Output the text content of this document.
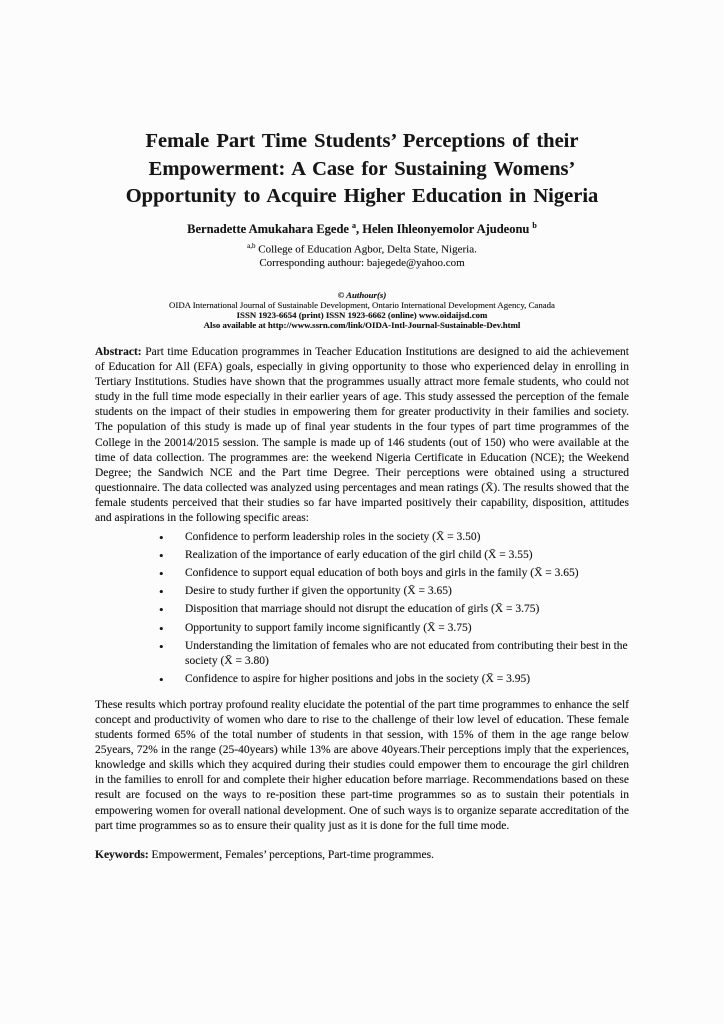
Female Part Time Students’ Perceptions of their
Empowerment: A Case for Sustaining Womens’
Opportunity to Acquire Higher Education in Nigeria
Bernadette Amukahara Egede $^a$, Helen Ihleonyemolor Ajudeonu $^b$
$^{a,b}$ College of Education Agbor, Delta State, Nigeria.
Corresponding authour: bajegede@yahoo.com
© Authour(s)
OIDA International Journal of Sustainable Development, Ontario International Development Agency, Canada
ISSN 1923-6654 (print) ISSN 1923-6662 (online) www.oidaijsd.com
Also available at http://www.ssrn.com/link/OIDA-Intl-Journal-Sustainable-Dev.html

Abstract: Part time Education programmes in Teacher Education Institutions are designed to aid the achievement of Education for All (EFA) goals, especially in giving opportunity to those who experienced delay in enrolling in Tertiary Institutions. Studies have shown that the programmes usually attract more female students, who could not study in the full time mode especially in their earlier years of age. This study assessed the perception of the female students on the impact of their studies in empowering them for greater productivity in their families and society. The population of this study is made up of final year students in the four types of part time programmes of the College in the 20014/2015 session. The sample is made up of 146 students (out of 150) who were available at the time of data collection. The programmes are: the weekend Nigeria Certificate in Education (NCE); the Weekend Degree; the Sandwich NCE and the Part time Degree. Their perceptions were obtained using a structured questionnaire. The data collected was analyzed using percentages and mean ratings (X̄). The results showed that the female students perceived that their studies so far have imparted positively their capability, disposition, attitudes and aspirations in the following specific areas:

• Confidence to perform leadership roles in the society (X̄ = 3.50)
• Realization of the importance of early education of the girl child (X̄ = 3.55)
• Confidence to support equal education of both boys and girls in the family (X̄ = 3.65)
• Desire to study further if given the opportunity (X̄ = 3.65)
• Disposition that marriage should not disrupt the education of girls (X̄ = 3.75)
• Opportunity to support family income significantly (X̄ = 3.75)
• Understanding the limitation of females who are not educated from contributing their best in the society (X̄ = 3.80)
• Confidence to aspire for higher positions and jobs in the society (X̄ = 3.95)

These results which portray profound reality elucidate the potential of the part time programmes to enhance the self concept and productivity of women who dare to rise to the challenge of their low level of education. These female students formed 65% of the total number of students in that session, with 15% of them in the age range below 25years, 72% in the range (25-40years) while 13% are above 40years.Their perceptions imply that the experiences, knowledge and skills which they acquired during their studies could empower them to encourage the girl children in the families to enroll for and complete their higher education before marriage. Recommendations based on these result are focused on the ways to re-position these part-time programmes so as to sustain their potentials in empowering women for overall national development. One of such ways is to organize separate accreditation of the part time programmes so as to ensure their quality just as it is done for the full time mode.

Keywords: Empowerment, Females’ perceptions, Part-time programmes.
